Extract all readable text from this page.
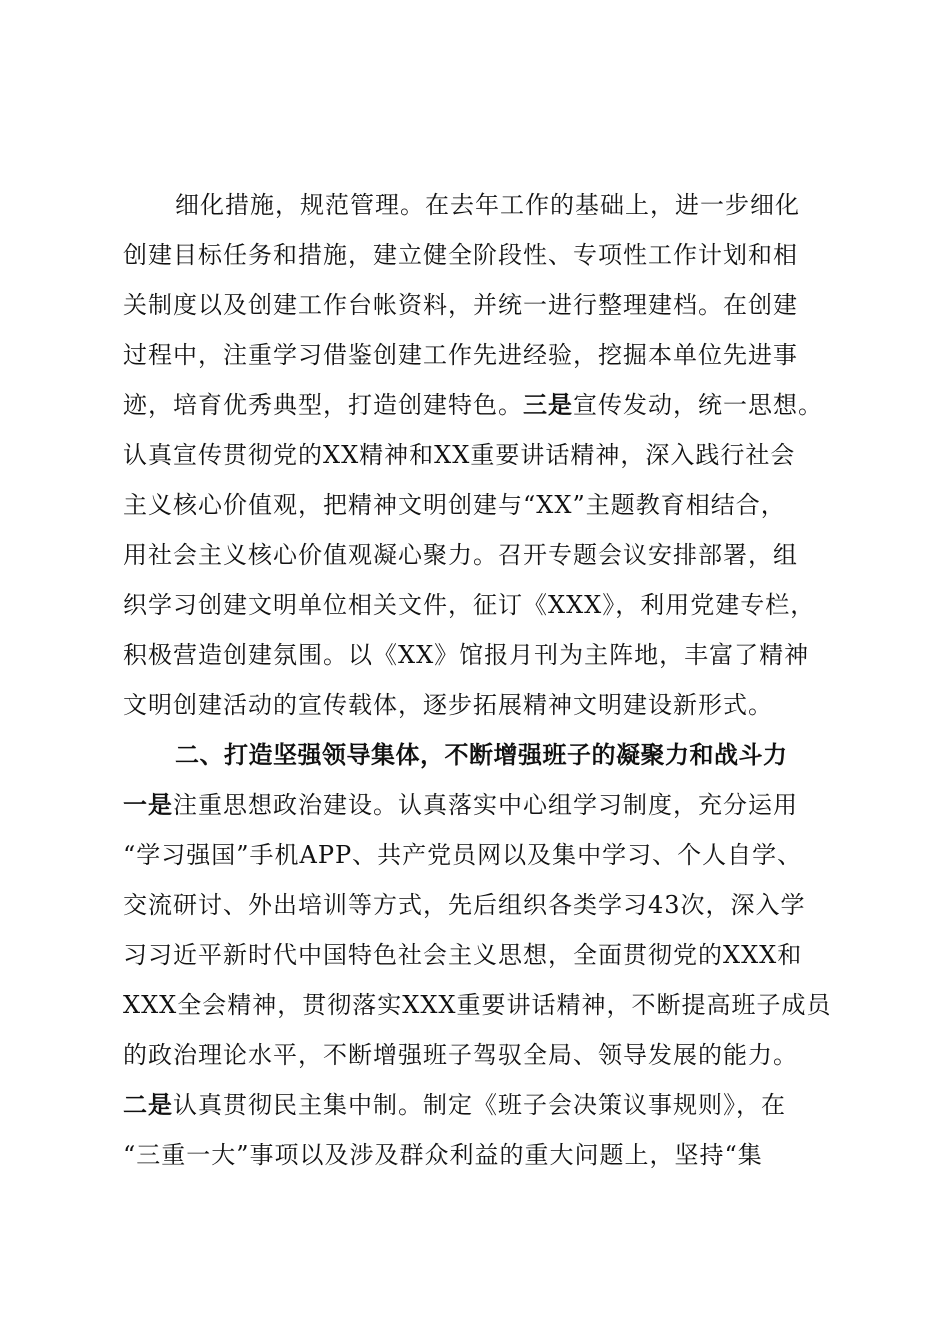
细化措施，规范管理。在去年工作的基础上，进一步细化
创建目标任务和措施，建立健全阶段性、专项性工作计划和相
关制度以及创建工作台帐资料，并统一进行整理建档。在创建
过程中，注重学习借鉴创建工作先进经验，挖掘本单位先进事
迹，培育优秀典型，打造创建特色。三是宣传发动，统一思想。
认真宣传贯彻党的XX精神和XX重要讲话精神，深入践行社会
主义核心价值观，把精神文明创建与“XX”主题教育相结合，
用社会主义核心价值观凝心聚力。召开专题会议安排部署，组
织学习创建文明单位相关文件，征订《XXX》，利用党建专栏，
积极营造创建氛围。以《XX》馆报月刊为主阵地，丰富了精神
文明创建活动的宣传载体，逐步拓展精神文明建设新形式。
二、打造坚强领导集体，不断增强班子的凝聚力和战斗力
一是注重思想政治建设。认真落实中心组学习制度，充分运用
“学习强国”手机APP、共产党员网以及集中学习、个人自学、
交流研讨、外出培训等方式，先后组织各类学习43次，深入学
习习近平新时代中国特色社会主义思想，全面贯彻党的XXX和
XXX全会精神，贯彻落实XXX重要讲话精神，不断提高班子成员
的政治理论水平，不断增强班子驾驭全局、领导发展的能力。
二是认真贯彻民主集中制。制定《班子会决策议事规则》，在
“三重一大”事项以及涉及群众利益的重大问题上，坚持“集
